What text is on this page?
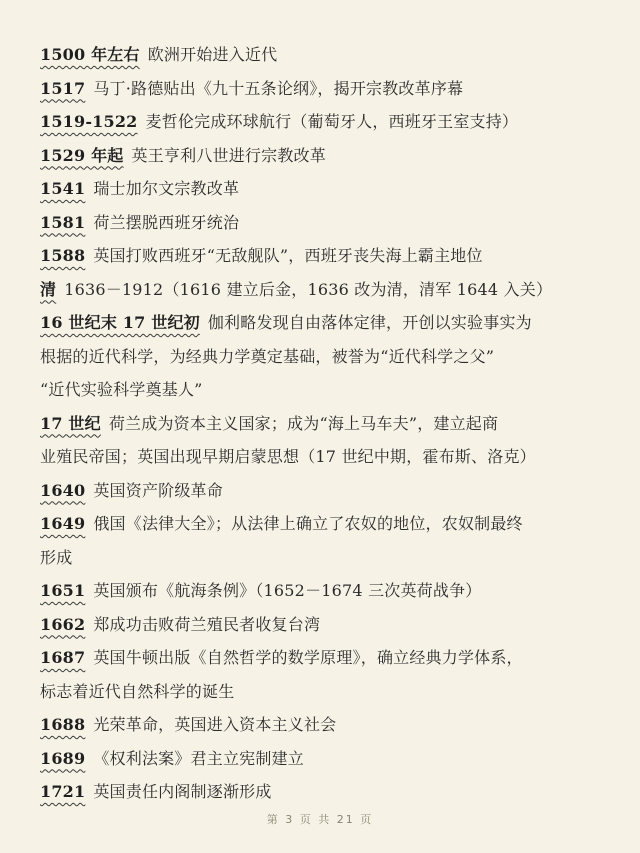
1500 年左右 欧洲开始进入近代
1517 马丁·路德贴出《九十五条论纲》，揭开宗教改革序幕
1519-1522 麦哲伦完成环球航行（葡萄牙人，西班牙王室支持）
1529 年起 英王亨利八世进行宗教改革
1541 瑞士加尔文宗教改革
1581 荷兰摆脱西班牙统治
1588 英国打败西班牙“无敌舰队”，西班牙丧失海上霸主地位
清 1636－1912（1616 建立后金，1636 改为清，清军 1644 入关）
16 世纪末 17 世纪初 伽利略发现自由落体定律，开创以实验事实为
根据的近代科学，为经典力学奠定基础，被誉为“近代科学之父”
“近代实验科学奠基人”
17 世纪 荷兰成为资本主义国家；成为“海上马车夫”，建立起商
业殖民帝国；英国出现早期启蒙思想（17 世纪中期，霍布斯、洛克）
1640 英国资产阶级革命
1649 俄国《法律大全》；从法律上确立了农奴的地位，农奴制最终
形成
1651 英国颁布《航海条例》（1652－1674 三次英荷战争）
1662 郑成功击败荷兰殖民者收复台湾
1687 英国牛顿出版《自然哲学的数学原理》，确立经典力学体系，
标志着近代自然科学的诞生
1688 光荣革命，英国进入资本主义社会
1689 《权利法案》君主立宪制建立
1721 英国责任内阁制逐渐形成
第 3 页 共 21 页
